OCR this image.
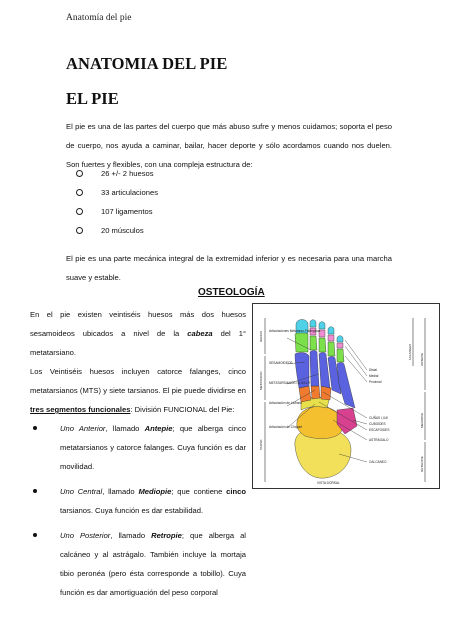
Anatomía del pie
ANATOMIA DEL PIE
EL PIE

El pie es una de las partes del cuerpo que más abuso sufre y menos cuidamos; soporta el peso de cuerpo, nos ayuda a caminar, bailar, hacer deporte y sólo acordamos cuando nos duelen. Son fuertes y flexibles, con una compleja estructura de:

26 +/- 2 huesos
33 articulaciones
107 ligamentos
20 músculos

El pie es una parte mecánica integral de la extremidad inferior y es necesaria para una marcha suave y estable.

OSTEOLOGÍA

En el pie existen veintiséis huesos más dos huesos sesamoideos ubicados a nivel de la cabeza del 1° metatarsiano.

Los Veintiséis huesos incluyen catorce falanges, cinco metatarsianos (MTS) y siete tarsianos. El pie puede dividirse en tres segmentos funcionales: División FUNCIONAL del Pie:

Uno Anterior, llamado Antepie; que alberga cinco metatarsianos y catorce falanges. Cuya función es dar movilidad.
Uno Central, llamado Mediopie; que contiene cinco tarsianos. Cuya función es dar estabilidad.
Uno Posterior, llamado Retropie; que alberga al calcáneo y al astrágalo. También incluye la mortaja tibio peronéa (pero ésta corresponde a tobillo). Cuya función es dar amortiguación del peso corporal
Articulaciones Metatarso-Falángicas
SESAMOIDEOS
METATARSIANOS I,II,III,IV,V
Articulación de Lisfranc
Articulación de Chopart
Distal
Medial
Proximal
CUÑAS I,II,III
CUBOIDES
ESCAFOIDES
ASTRAGALO
CALCANEO
DEDOS
METATARSO
TARSO
FALANGES	ANTEPIE
MEDIOPIE
RETROPIE
VISTA DORSAL
